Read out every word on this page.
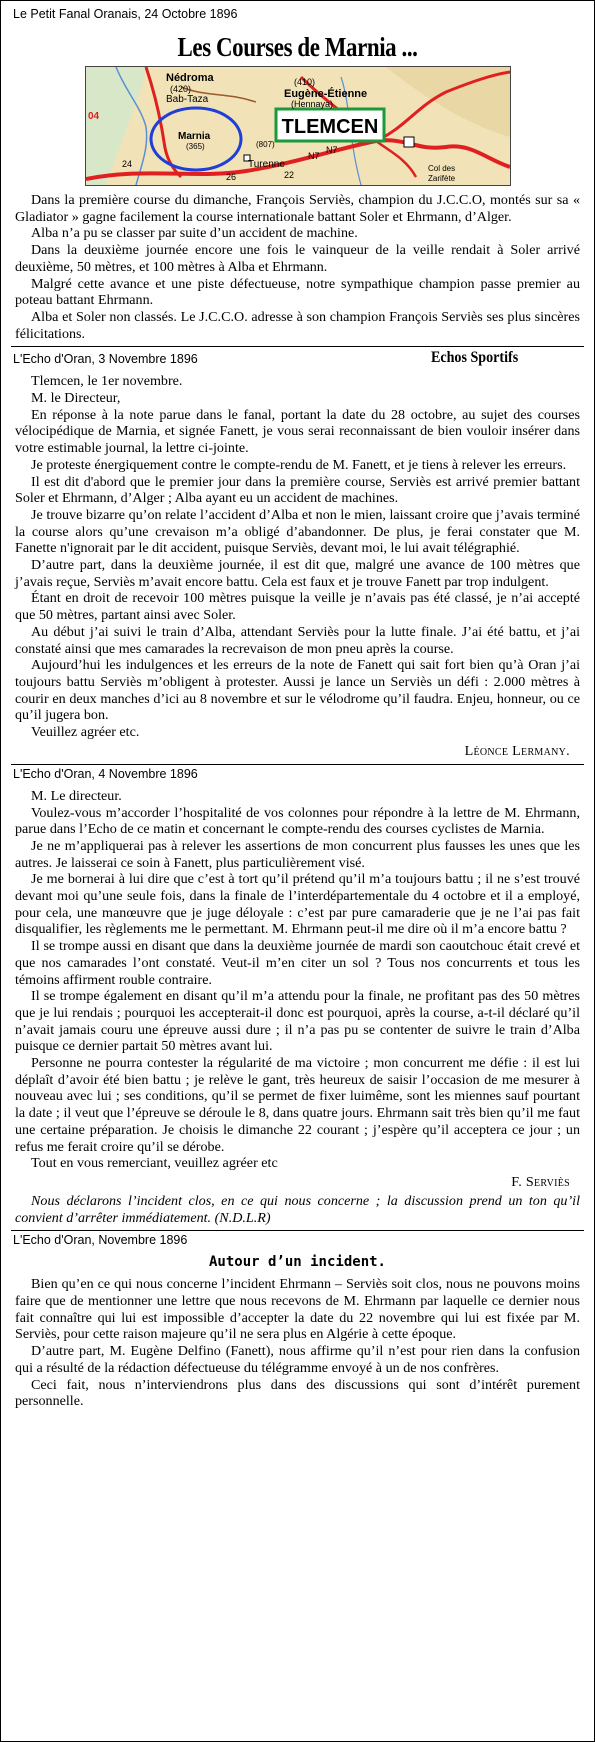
Le Petit Fanal Oranais, 24 Octobre 1896
Les Courses de Marnia ...
TLEMCEN
Nédroma
(420)
Bab-Taza
(410)
Eugène-Étienne
(Hennaya)
Marnia
(365)	(807)
Turenne
N7
N7
26	22
24
04
Col des
Zarifète

Dans la première course du dimanche, François Serviès, champion du J.C.C.O, montés sur sa « Gladiator » gagne facilement la course internationale battant Soler et Ehrmann, d’Alger.

Alba n’a pu se classer par suite d’un accident de machine.

Dans la deuxième journée encore une fois le vainqueur de la veille rendait à Soler arrivé deuxième, 50 mètres, et 100 mètres à Alba et Ehrmann.

Malgré cette avance et une piste défectueuse, notre sympathique champion passe premier au poteau battant Ehrmann.

Alba et Soler non classés. Le J.C.C.O. adresse à son champion François Serviès ses plus sincères félicitations.

L'Echo d'Oran, 3 Novembre 1896	Echos Sportifs

Tlemcen, le 1er novembre.

M. le Directeur,

En réponse à la note parue dans le fanal, portant la date du 28 octobre, au sujet des courses vélocipédique de Marnia, et signée Fanett, je vous serai reconnaissant de bien vouloir insérer dans votre estimable journal, la lettre ci-jointe.

Je proteste énergiquement contre le compte-rendu de M. Fanett, et je tiens à relever les erreurs.

Il est dit d'abord que le premier jour dans la première course, Serviès est arrivé premier battant Soler et Ehrmann, d’Alger ; Alba ayant eu un accident de machines.

Je trouve bizarre qu’on relate l’accident d’Alba et non le mien, laissant croire que j’avais terminé la course alors qu’une crevaison m’a obligé d’abandonner. De plus, je ferai constater que M. Fanette n'ignorait par le dit accident, puisque Serviès, devant moi, le lui avait télégraphié.

D’autre part, dans la deuxième journée, il est dit que, malgré une avance de 100 mètres que j’avais reçue, Serviès m’avait encore battu. Cela est faux et je trouve Fanett par trop indulgent.

Étant en droit de recevoir 100 mètres puisque la veille je n’avais pas été classé, je n’ai accepté que 50 mètres, partant ainsi avec Soler.

Au début j’ai suivi le train d’Alba, attendant Serviès pour la lutte finale. J’ai été battu, et j’ai constaté ainsi que mes camarades la recrevaison de mon pneu après la course.

Aujourd’hui les indulgences et les erreurs de la note de Fanett qui sait fort bien qu’à Oran j’ai toujours battu Serviès m’obligent à protester. Aussi je lance un Serviès un défi : 2.000 mètres à courir en deux manches d’ici au 8 novembre et sur le vélodrome qu’il faudra. Enjeu, honneur, ou ce qu’il jugera bon.

Veuillez agréer etc.

Léonce Lermany.
L'Echo d'Oran, 4 Novembre 1896

M. Le directeur.

Voulez-vous m’accorder l’hospitalité de vos colonnes pour répondre à la lettre de M. Ehrmann, parue dans l’Echo de ce matin et concernant le compte-rendu des courses cyclistes de Marnia.

Je ne m’appliquerai pas à relever les assertions de mon concurrent plus fausses les unes que les autres. Je laisserai ce soin à Fanett, plus particulièrement visé.

Je me bornerai à lui dire que c’est à tort qu’il prétend qu’il m’a toujours battu ; il ne s’est trouvé devant moi qu’une seule fois, dans la finale de l’interdépartementale du 4 octobre et il a employé, pour cela, une manœuvre que je juge déloyale : c’est par pure camaraderie que je ne l’ai pas fait disqualifier, les règlements me le permettant. M. Ehrmann peut-il me dire où il m’a encore battu ?

Il se trompe aussi en disant que dans la deuxième journée de mardi son caoutchouc était crevé et que nos camarades l’ont constaté. Veut-il m’en citer un sol ? Tous nos concurrents et tous les témoins affirment rouble contraire.

Il se trompe également en disant qu’il m’a attendu pour la finale, ne profitant pas des 50 mètres que je lui rendais ; pourquoi les accepterait-il donc est pourquoi, après la course, a-t-il déclaré qu’il n’avait jamais couru une épreuve aussi dure ; il n’a pas pu se contenter de suivre le train d’Alba puisque ce dernier partait 50 mètres avant lui.

Personne ne pourra contester la régularité de ma victoire ; mon concurrent me défie : il est lui déplaît d’avoir été bien battu ; je relève le gant, très heureux de saisir l’occasion de me mesurer à nouveau avec lui ; ses conditions, qu’il se permet de fixer luimême, sont les miennes sauf pourtant la date ; il veut que l’épreuve se déroule le 8, dans quatre jours. Ehrmann sait très bien qu’il me faut une certaine préparation. Je choisis le dimanche 22 courant ; j’espère qu’il acceptera ce jour ; un refus me ferait croire qu’il se dérobe.

Tout en vous remerciant, veuillez agréer etc

F. Serviès
Nous déclarons l’incident clos, en ce qui nous concerne ; la discussion prend un ton qu’il convient d’arrêter immédiatement. (N.D.L.R)
L'Echo d'Oran, Novembre 1896
Autour d’un incident.

Bien qu’en ce qui nous concerne l’incident Ehrmann – Serviès soit clos, nous ne pouvons moins faire que de mentionner une lettre que nous recevons de M. Ehrmann par laquelle ce dernier nous fait connaître qui lui est impossible d’accepter la date du 22 novembre qui lui est fixée par M. Serviès, pour cette raison majeure qu’il ne sera plus en Algérie à cette époque.

D’autre part, M. Eugène Delfino (Fanett), nous affirme qu’il n’est pour rien dans la confusion qui a résulté de la rédaction défectueuse du télégramme envoyé à un de nos confrères.

Ceci fait, nous n’interviendrons plus dans des discussions qui sont d’intérêt purement personnelle.
